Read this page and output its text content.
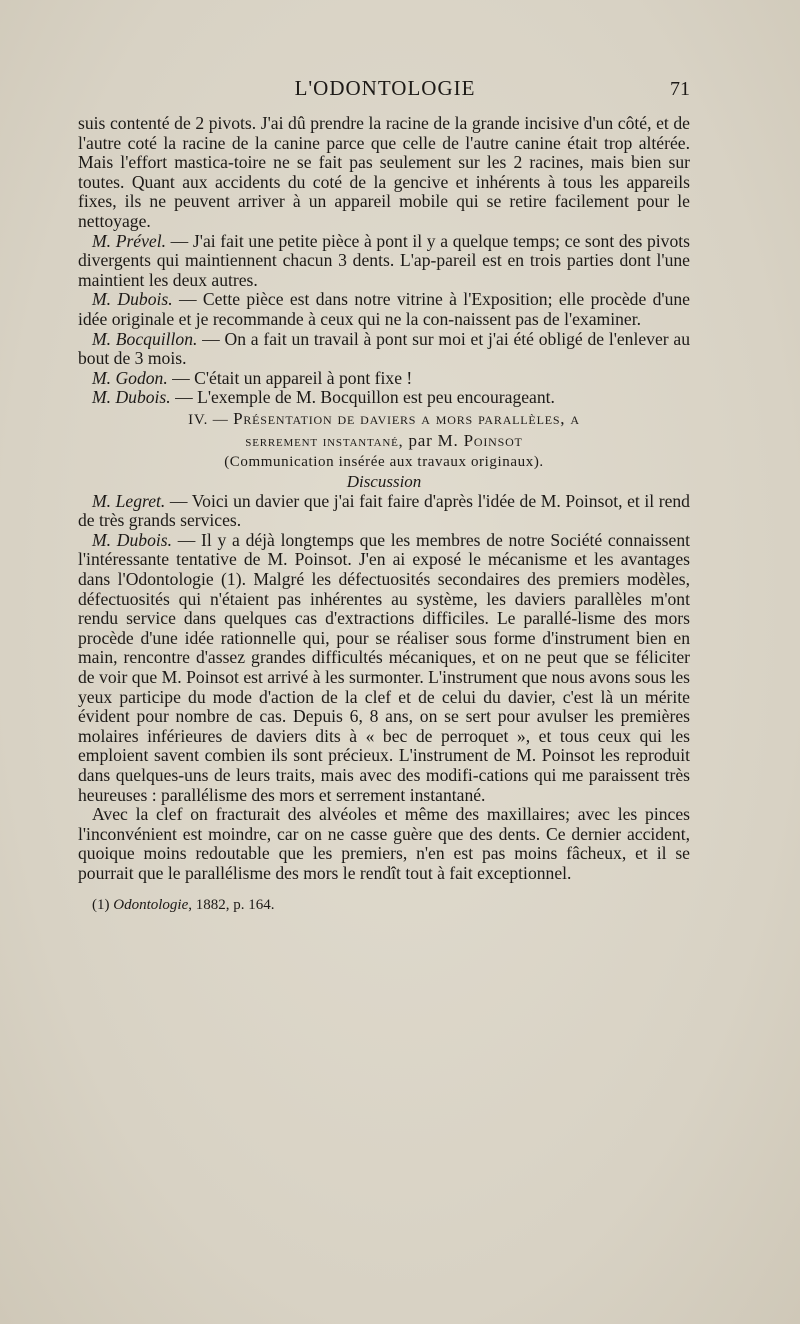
L'ODONTOLOGIE	71

suis contenté de 2 pivots. J'ai dû prendre la racine de la grande incisive d'un côté, et de l'autre coté la racine de la canine parce que celle de l'autre canine était trop altérée. Mais l'effort mastica-toire ne se fait pas seulement sur les 2 racines, mais bien sur toutes. Quant aux accidents du coté de la gencive et inhérents à tous les appareils fixes, ils ne peuvent arriver à un appareil mobile qui se retire facilement pour le nettoyage.

M. Prével. — J'ai fait une petite pièce à pont il y a quelque temps; ce sont des pivots divergents qui maintiennent chacun 3 dents. L'ap-pareil est en trois parties dont l'une maintient les deux autres.

M. Dubois. — Cette pièce est dans notre vitrine à l'Exposition; elle procède d'une idée originale et je recommande à ceux qui ne la con-naissent pas de l'examiner.

M. Bocquillon. — On a fait un travail à pont sur moi et j'ai été obligé de l'enlever au bout de 3 mois.

M. Godon. — C'était un appareil à pont fixe !

M. Dubois. — L'exemple de M. Bocquillon est peu encourageant.

IV. — Présentation de daviers a mors parallèles, a

serrement instantané, par M. Poinsot

(Communication insérée aux travaux originaux).

Discussion

M. Legret. — Voici un davier que j'ai fait faire d'après l'idée de M. Poinsot, et il rend de très grands services.

M. Dubois. — Il y a déjà longtemps que les membres de notre Société connaissent l'intéressante tentative de M. Poinsot. J'en ai exposé le mécanisme et les avantages dans l'Odontologie (1). Malgré les défectuosités secondaires des premiers modèles, défectuosités qui n'étaient pas inhérentes au système, les daviers parallèles m'ont rendu service dans quelques cas d'extractions difficiles. Le parallé-lisme des mors procède d'une idée rationnelle qui, pour se réaliser sous forme d'instrument bien en main, rencontre d'assez grandes difficultés mécaniques, et on ne peut que se féliciter de voir que M. Poinsot est arrivé à les surmonter. L'instrument que nous avons sous les yeux participe du mode d'action de la clef et de celui du davier, c'est là un mérite évident pour nombre de cas. Depuis 6, 8 ans, on se sert pour avulser les premières molaires inférieures de daviers dits à « bec de perroquet », et tous ceux qui les emploient savent combien ils sont précieux. L'instrument de M. Poinsot les reproduit dans quelques-uns de leurs traits, mais avec des modifi-cations qui me paraissent très heureuses : parallélisme des mors et serrement instantané.

Avec la clef on fracturait des alvéoles et même des maxillaires; avec les pinces l'inconvénient est moindre, car on ne casse guère que des dents. Ce dernier accident, quoique moins redoutable que les premiers, n'en est pas moins fâcheux, et il se pourrait que le parallélisme des mors le rendît tout à fait exceptionnel.

(1) Odontologie, 1882, p. 164.
